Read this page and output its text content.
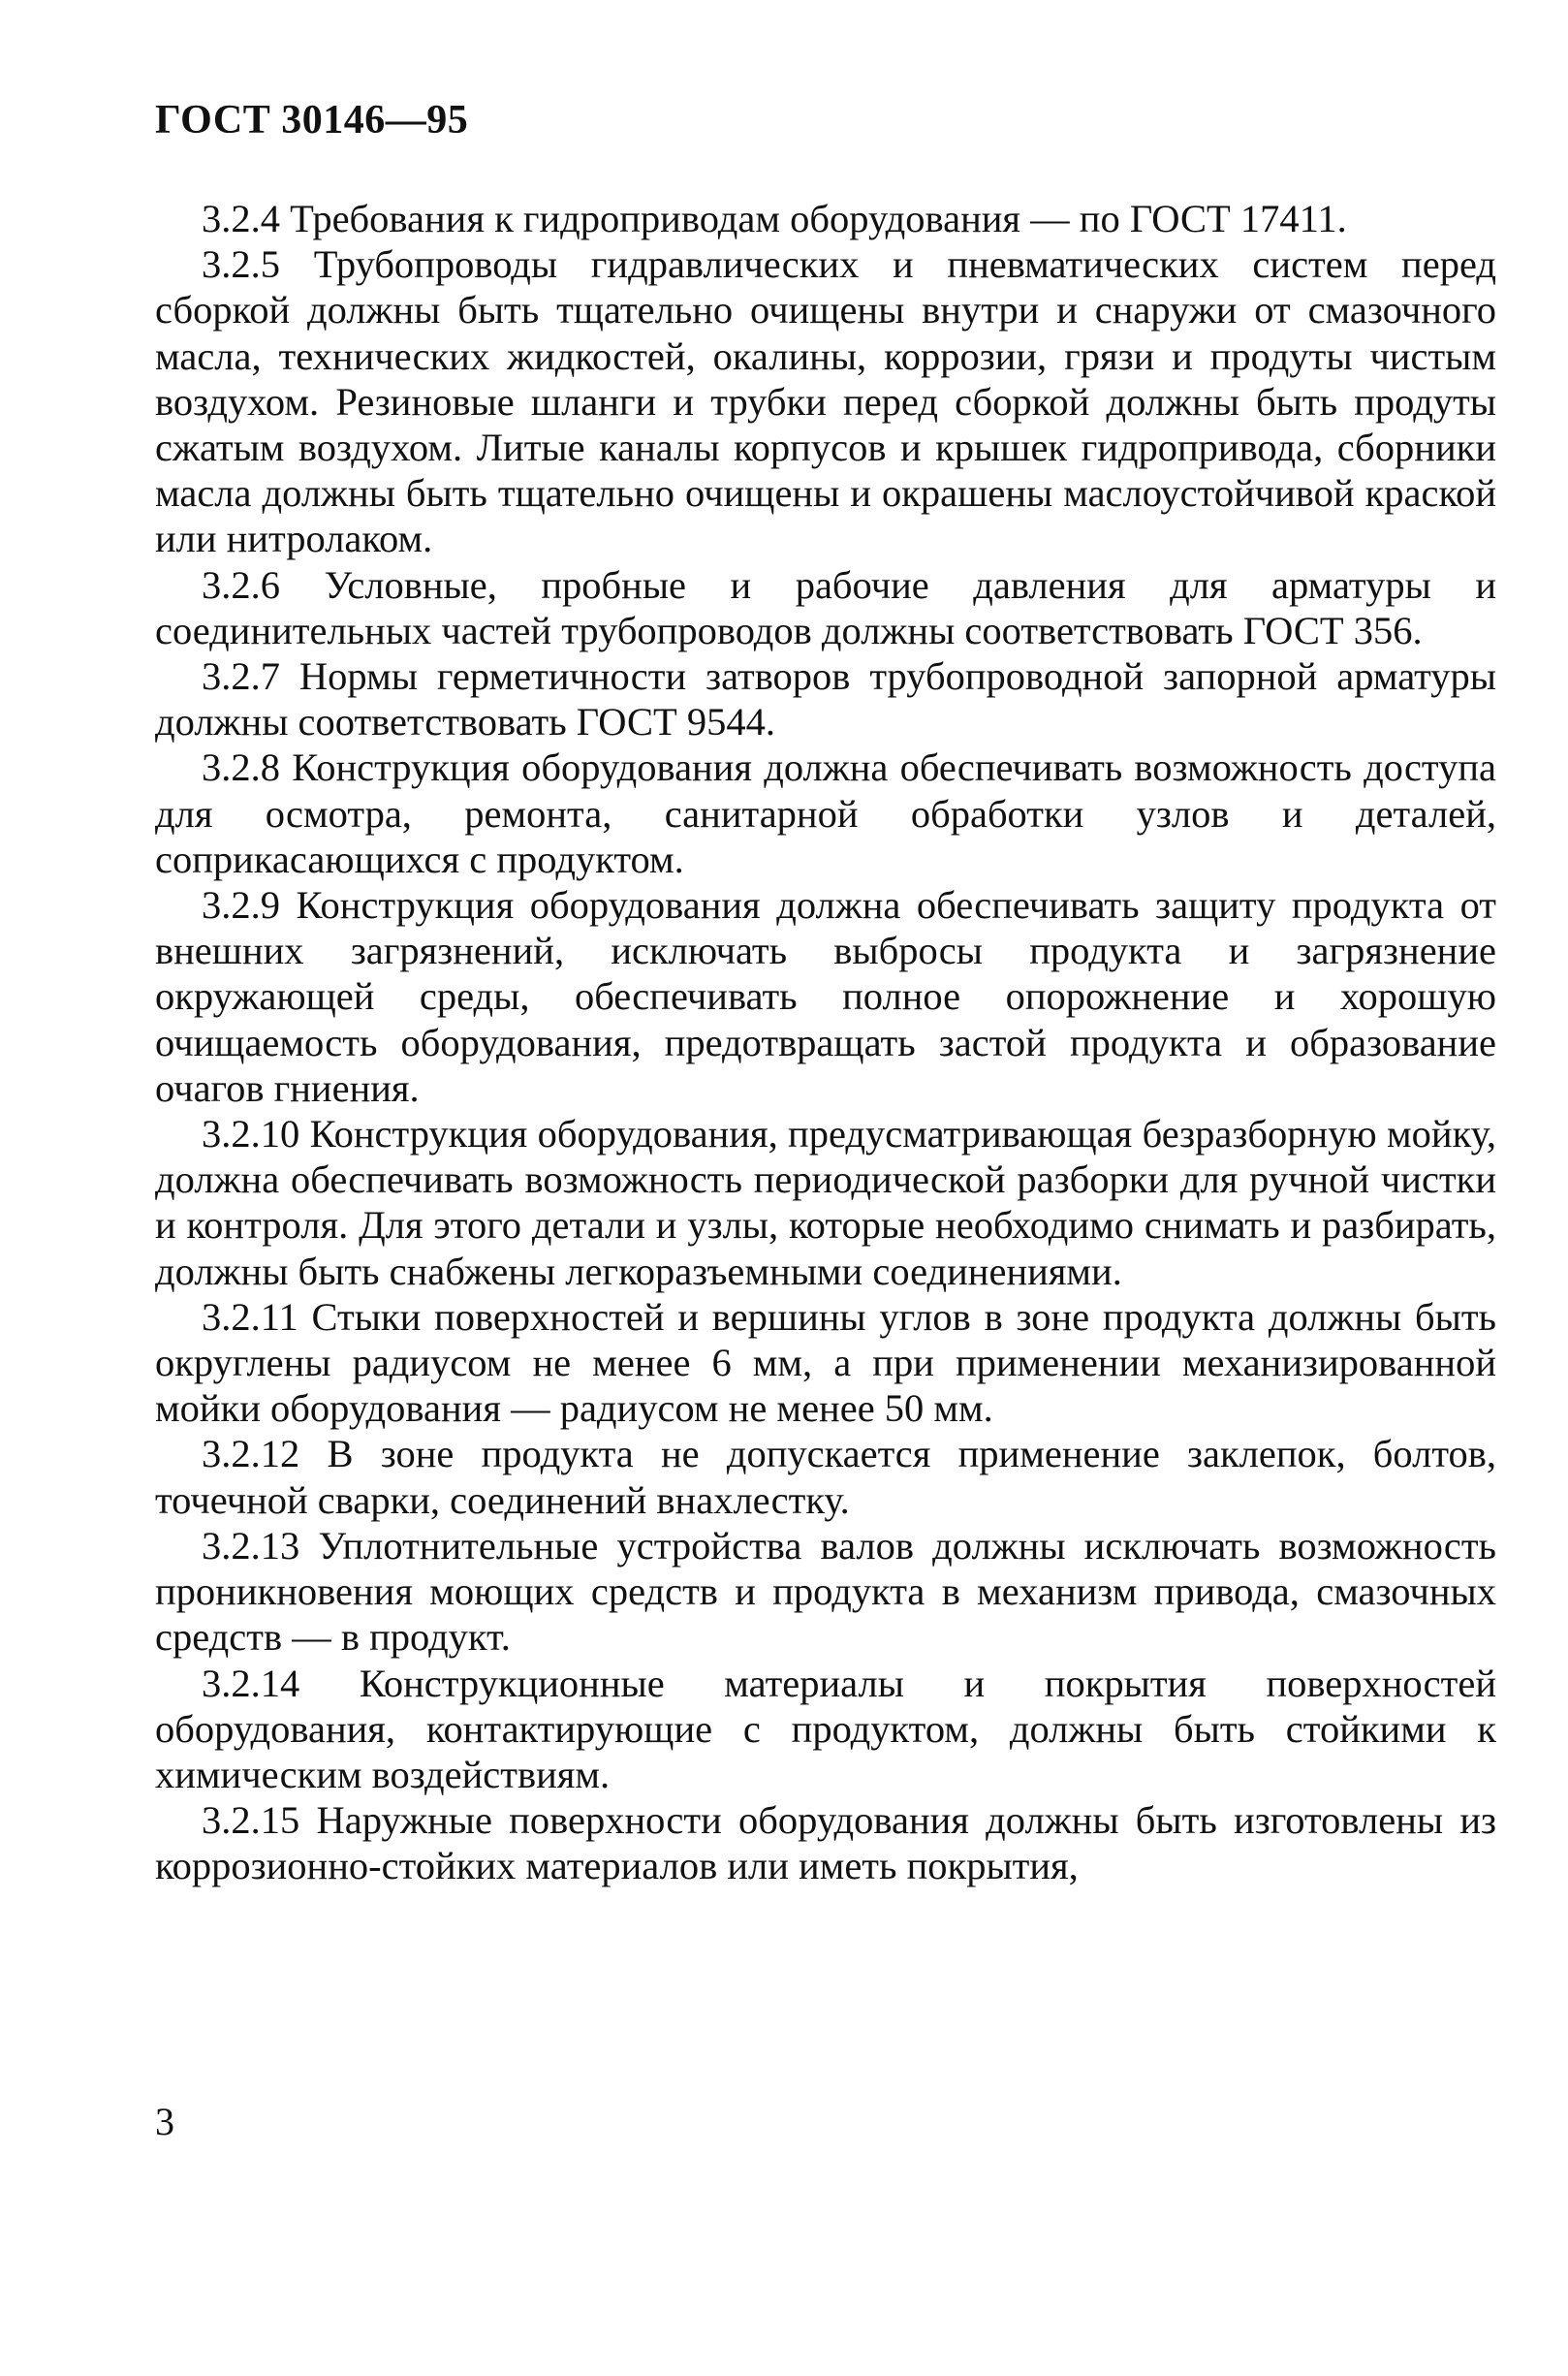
ГОСТ 30146—95

3.2.4 Требования к гидроприводам оборудования — по ГОСТ 17411.

3.2.5 Трубопроводы гидравлических и пневматических систем перед сборкой должны быть тщательно очищены внутри и снаружи от смазочного масла, технических жидкостей, окалины, коррозии, грязи и продуты чистым воздухом. Резиновые шланги и трубки перед сборкой должны быть продуты сжатым воздухом. Литые каналы корпусов и крышек гидропривода, сборники масла должны быть тщательно очищены и окрашены маслоустойчивой краской или нитролаком.

3.2.6 Условные, пробные и рабочие давления для арматуры и соединительных частей трубопроводов должны соответствовать ГОСТ 356.

3.2.7 Нормы герметичности затворов трубопроводной запорной арматуры должны соответствовать ГОСТ 9544.

3.2.8 Конструкция оборудования должна обеспечивать возможность доступа для осмотра, ремонта, санитарной обработки узлов и деталей, соприкасающихся с продуктом.

3.2.9 Конструкция оборудования должна обеспечивать защиту продукта от внешних загрязнений, исключать выбросы продукта и загрязнение окружающей среды, обеспечивать полное опорожнение и хорошую очищаемость оборудования, предотвращать застой продукта и образование очагов гниения.

3.2.10 Конструкция оборудования, предусматривающая безразборную мойку, должна обеспечивать возможность периодической разборки для ручной чистки и контроля. Для этого детали и узлы, которые необходимо снимать и разбирать, должны быть снабжены легкоразъемными соединениями.

3.2.11 Стыки поверхностей и вершины углов в зоне продукта должны быть округлены радиусом не менее 6 мм, а при применении механизированной мойки оборудования — радиусом не менее 50 мм.

3.2.12 В зоне продукта не допускается применение заклепок, болтов, точечной сварки, соединений внахлестку.

3.2.13 Уплотнительные устройства валов должны исключать возможность проникновения моющих средств и продукта в механизм привода, смазочных средств — в продукт.

3.2.14 Конструкционные материалы и покрытия поверхностей оборудования, контактирующие с продуктом, должны быть стойкими к химическим воздействиям.

3.2.15 Наружные поверхности оборудования должны быть изготовлены из коррозионно-стойких материалов или иметь покрытия,

3
